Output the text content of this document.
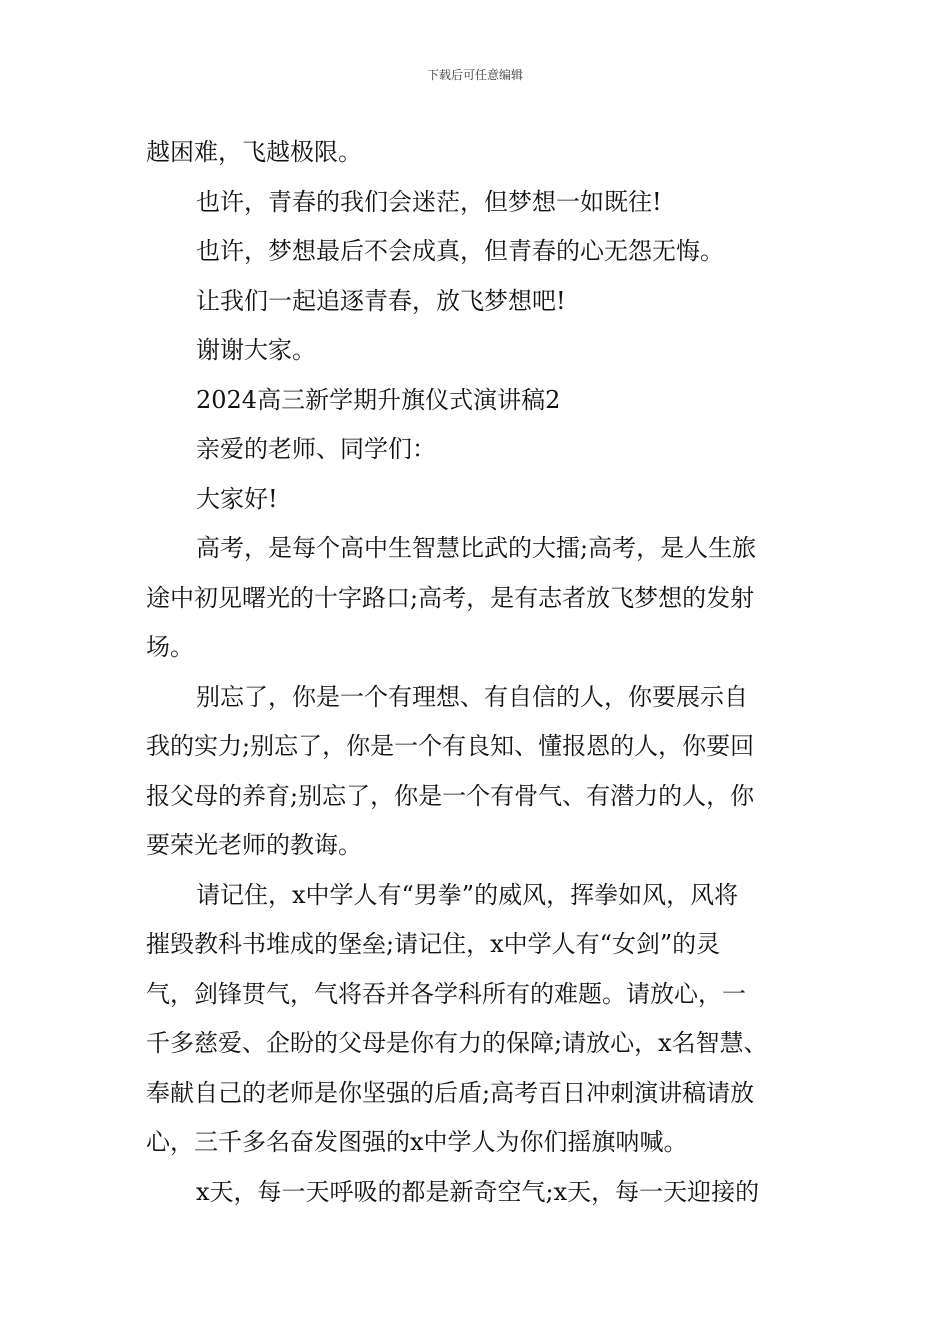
下载后可任意编辑

越困难，飞越极限。

也许，青春的我们会迷茫，但梦想一如既往!

也许，梦想最后不会成真，但青春的心无怨无悔。

让我们一起追逐青春，放飞梦想吧!

谢谢大家。

2024高三新学期升旗仪式演讲稿2

亲爱的老师、同学们：

大家好!

高考，是每个高中生智慧比武的大擂;高考，是人生旅

途中初见曙光的十字路口;高考，是有志者放飞梦想的发射

场。

别忘了，你是一个有理想、有自信的人，你要展示自

我的实力;别忘了，你是一个有良知、懂报恩的人，你要回

报父母的养育;别忘了，你是一个有骨气、有潜力的人，你

要荣光老师的教诲。

请记住，x中学人有“男拳”的威风，挥拳如风，风将

摧毁教科书堆成的堡垒;请记住，x中学人有“女剑”的灵

气，剑锋贯气，气将吞并各学科所有的难题。请放心，一

千多慈爱、企盼的父母是你有力的保障;请放心，x名智慧、

奉献自己的老师是你坚强的后盾;高考百日冲刺演讲稿请放

心，三千多名奋发图强的x中学人为你们摇旗呐喊。

x天，每一天呼吸的都是新奇空气;x天，每一天迎接的
